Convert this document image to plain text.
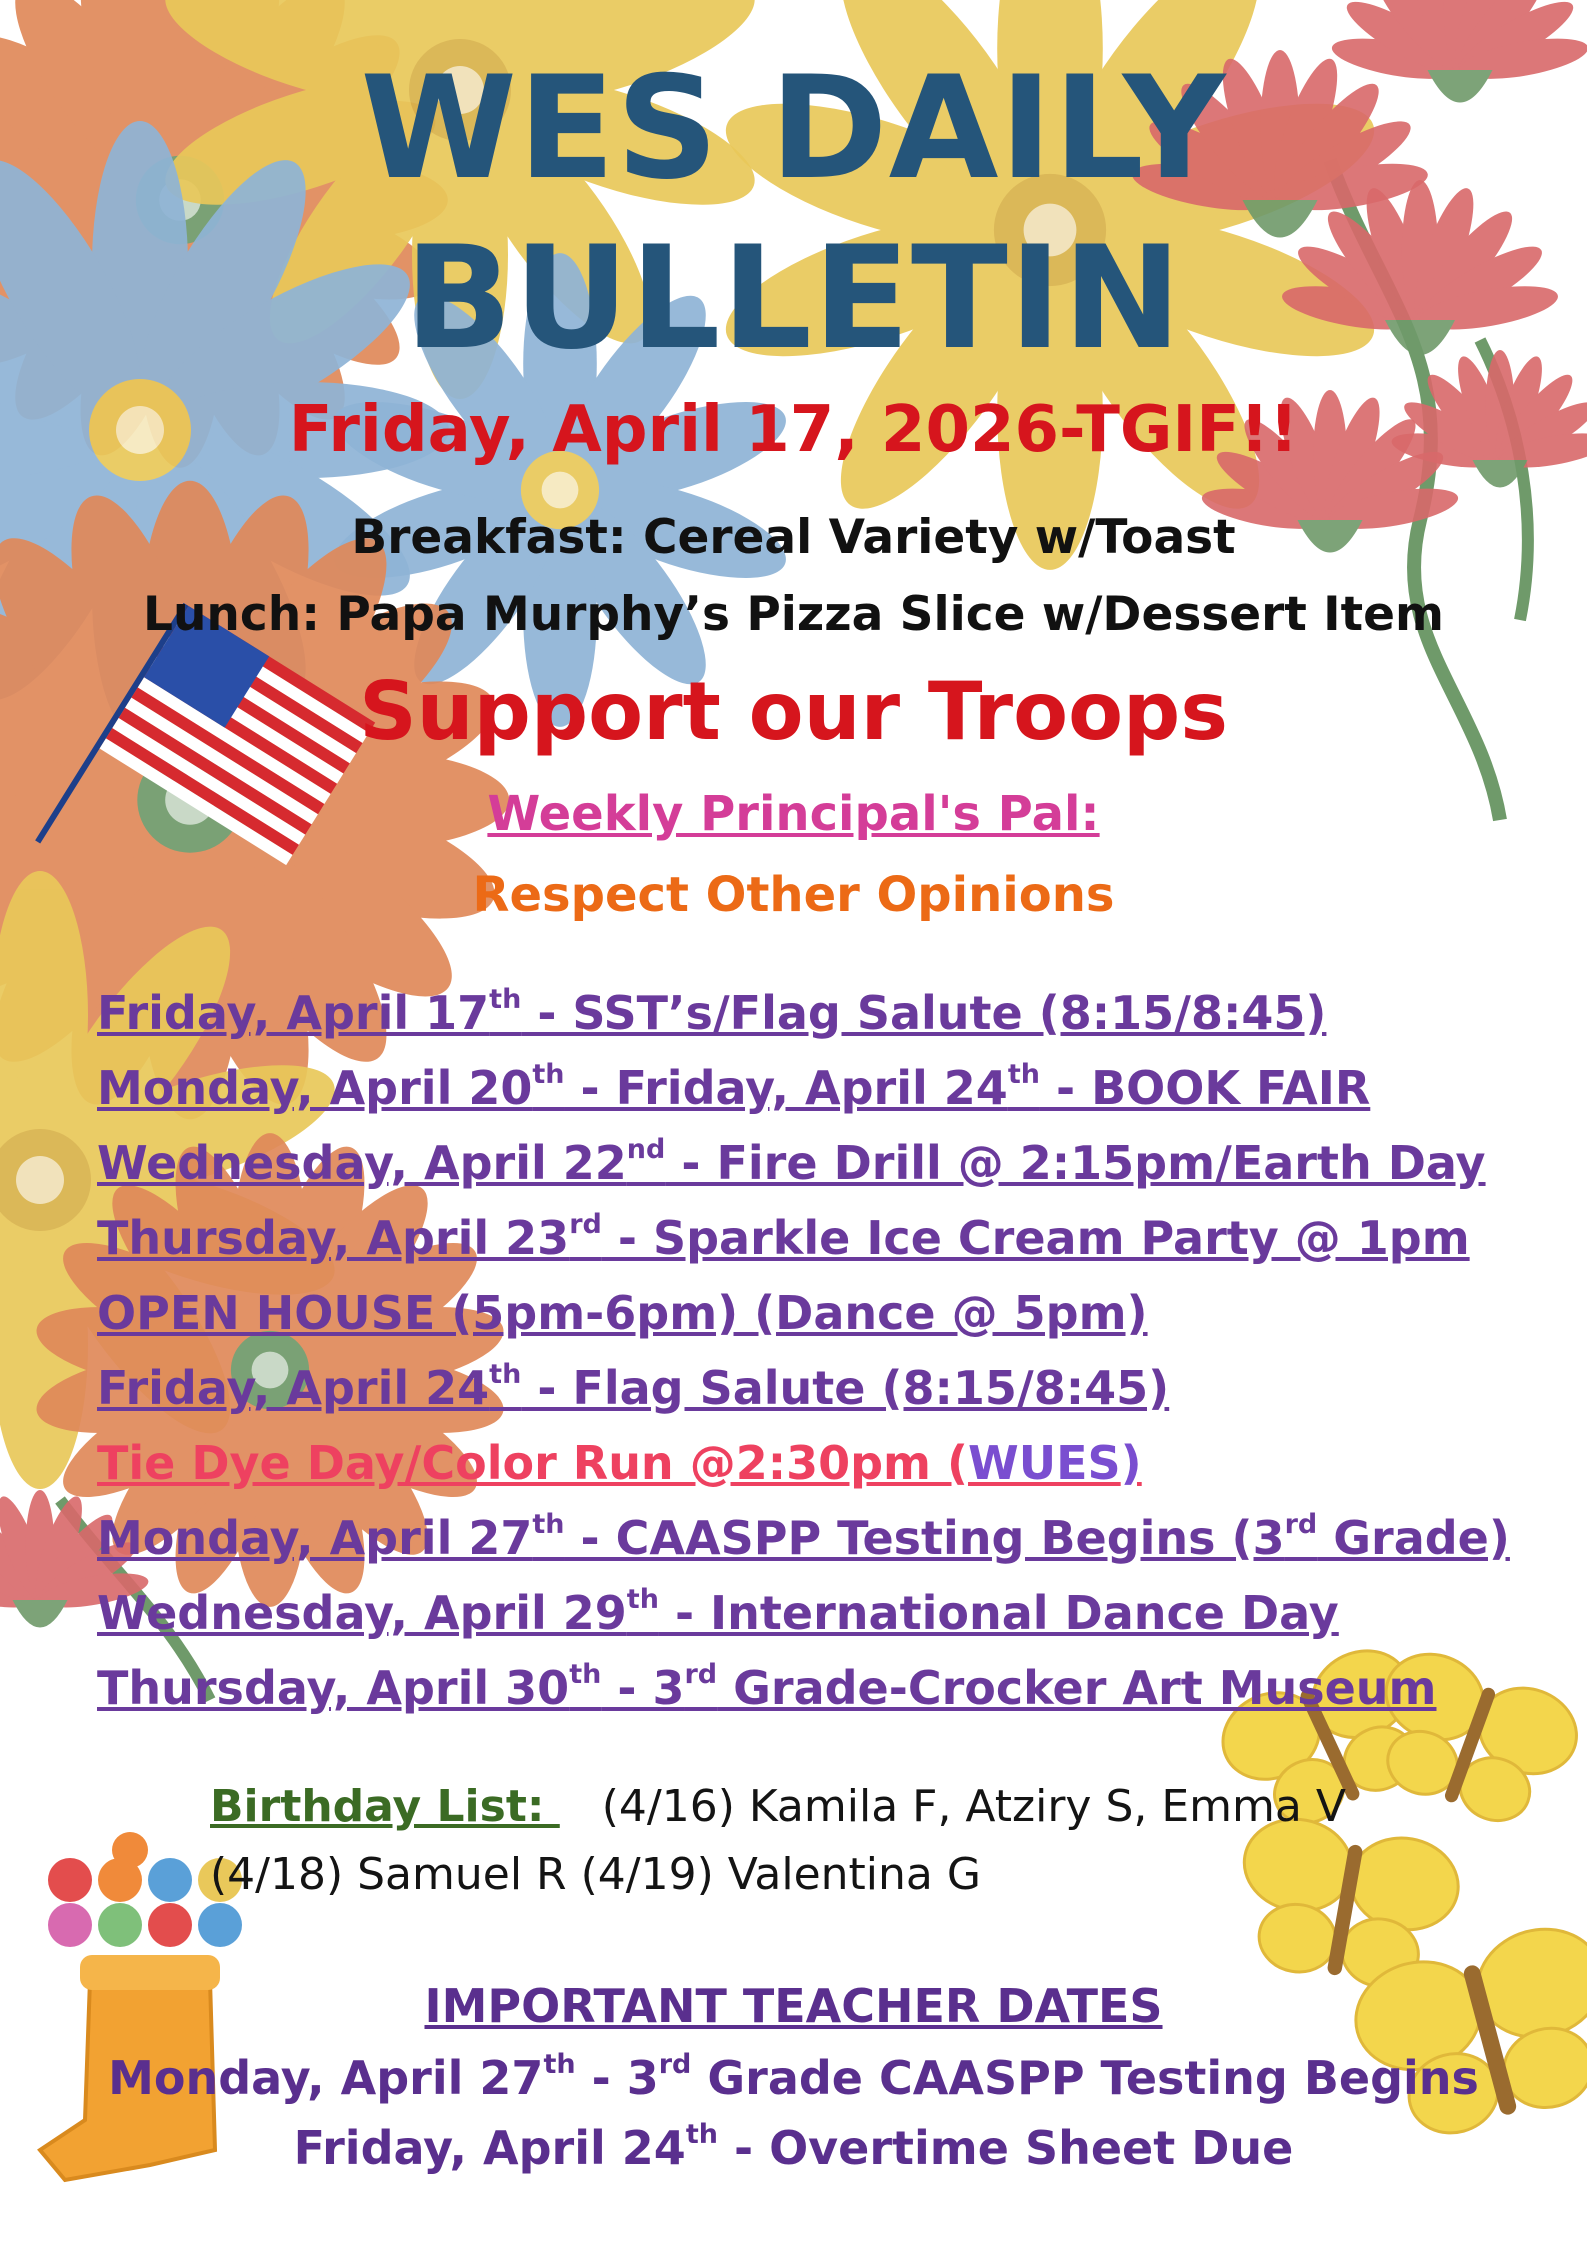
WES DAILY
BULLETIN
Friday, April 17, 2026-TGIF!!
Breakfast: Cereal Variety w/Toast
Lunch: Papa Murphy’s Pizza Slice w/Dessert Item
Support our Troops
Weekly Principal's Pal:
Respect Other Opinions
Friday, April 17th - SST’s/Flag Salute (8:15/8:45)
Monday, April 20th - Friday, April 24th - BOOK FAIR
Wednesday, April 22nd - Fire Drill @ 2:15pm/Earth Day
Thursday, April 23rd - Sparkle Ice Cream Party @ 1pm
OPEN HOUSE (5pm-6pm) (Dance @ 5pm)
Friday, April 24th - Flag Salute (8:15/8:45)
Tie Dye Day/Color Run @2:30pm (WUES)
Monday, April 27th - CAASPP Testing Begins (3rd Grade)
Wednesday, April 29th - International Dance Day
Thursday, April 30th - 3rd Grade-Crocker Art Museum
Birthday List:    (4/16) Kamila F, Atziry S, Emma V
(4/18) Samuel R (4/19) Valentina G
IMPORTANT TEACHER DATES
Monday, April 27th - 3rd Grade CAASPP Testing Begins
Friday, April 24th - Overtime Sheet Due
